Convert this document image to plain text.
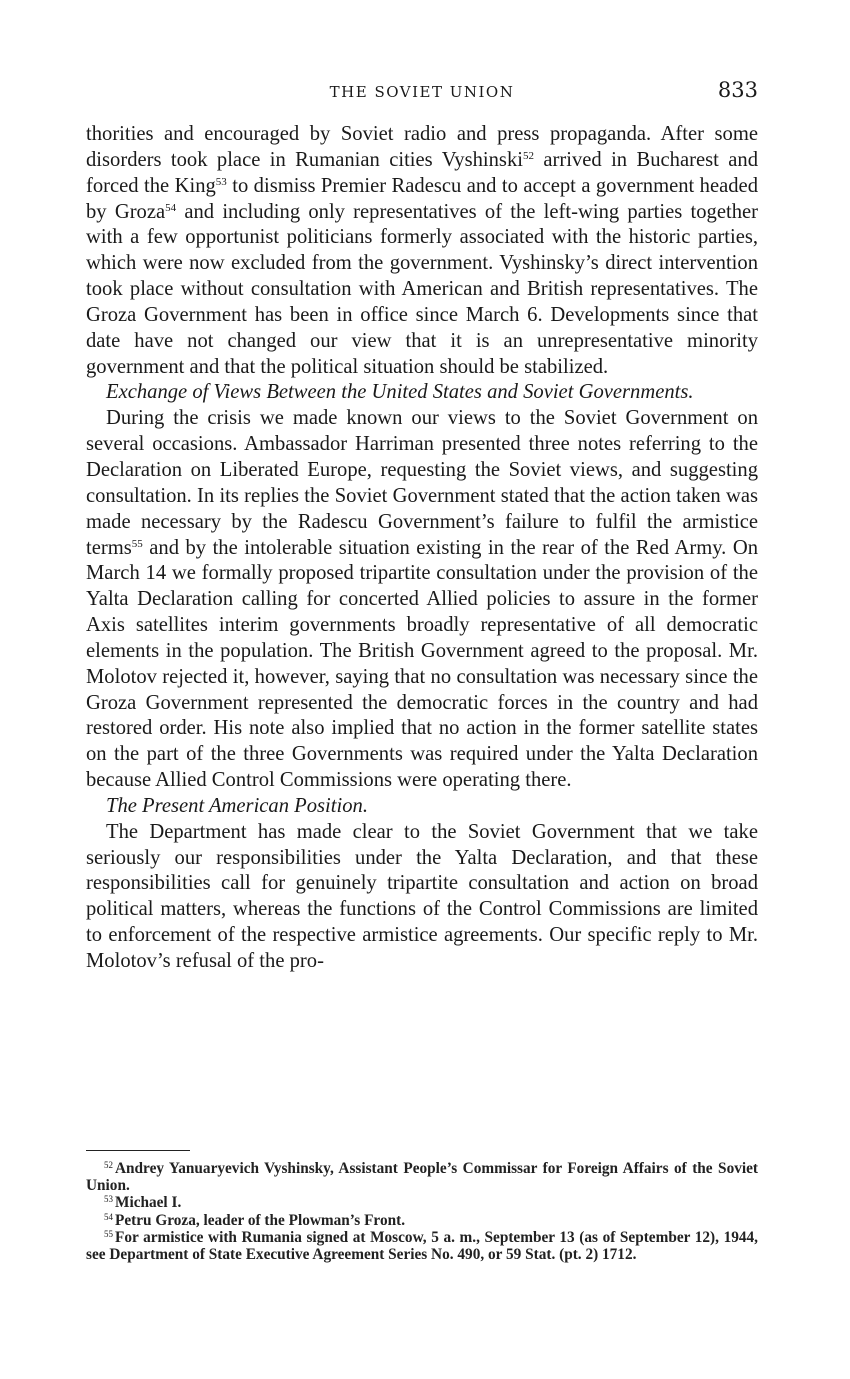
THE SOVIET UNION	833

thorities and encouraged by Soviet radio and press propaganda. After some disorders took place in Rumanian cities Vyshinski$^{52}$ arrived in Bucharest and forced the King$^{53}$ to dismiss Premier Radescu and to accept a government headed by Groza$^{54}$ and including only representatives of the left-wing parties together with a few opportunist politicians formerly associated with the historic parties, which were now excluded from the government. Vyshinsky’s direct intervention took place without consultation with American and British representatives. The Groza Government has been in office since March 6. Developments since that date have not changed our view that it is an unrepresentative minority government and that the political situation should be stabilized.

Exchange of Views Between the United States and Soviet Governments.

During the crisis we made known our views to the Soviet Government on several occasions. Ambassador Harriman presented three notes referring to the Declaration on Liberated Europe, requesting the Soviet views, and suggesting consultation. In its replies the Soviet Government stated that the action taken was made necessary by the Radescu Government’s failure to fulfil the armistice terms$^{55}$ and by the intolerable situation existing in the rear of the Red Army. On March 14 we formally proposed tripartite consultation under the provision of the Yalta Declaration calling for concerted Allied policies to assure in the former Axis satellites interim governments broadly representative of all democratic elements in the population. The British Government agreed to the proposal. Mr. Molotov rejected it, however, saying that no consultation was necessary since the Groza Government represented the democratic forces in the country and had restored order. His note also implied that no action in the former satellite states on the part of the three Governments was required under the Yalta Declaration because Allied Control Commissions were operating there.

The Present American Position.

The Department has made clear to the Soviet Government that we take seriously our responsibilities under the Yalta Declaration, and that these responsibilities call for genuinely tripartite consultation and action on broad political matters, whereas the functions of the Control Commissions are limited to enforcement of the respective armistice agreements. Our specific reply to Mr. Molotov’s refusal of the pro-

$^{52}$ Andrey Yanuaryevich Vyshinsky, Assistant People’s Commissar for Foreign Affairs of the Soviet Union.

$^{53}$ Michael I.

$^{54}$ Petru Groza, leader of the Plowman’s Front.

$^{55}$ For armistice with Rumania signed at Moscow, 5 a. m., September 13 (as of September 12), 1944, see Department of State Executive Agreement Series No. 490, or 59 Stat. (pt. 2) 1712.
